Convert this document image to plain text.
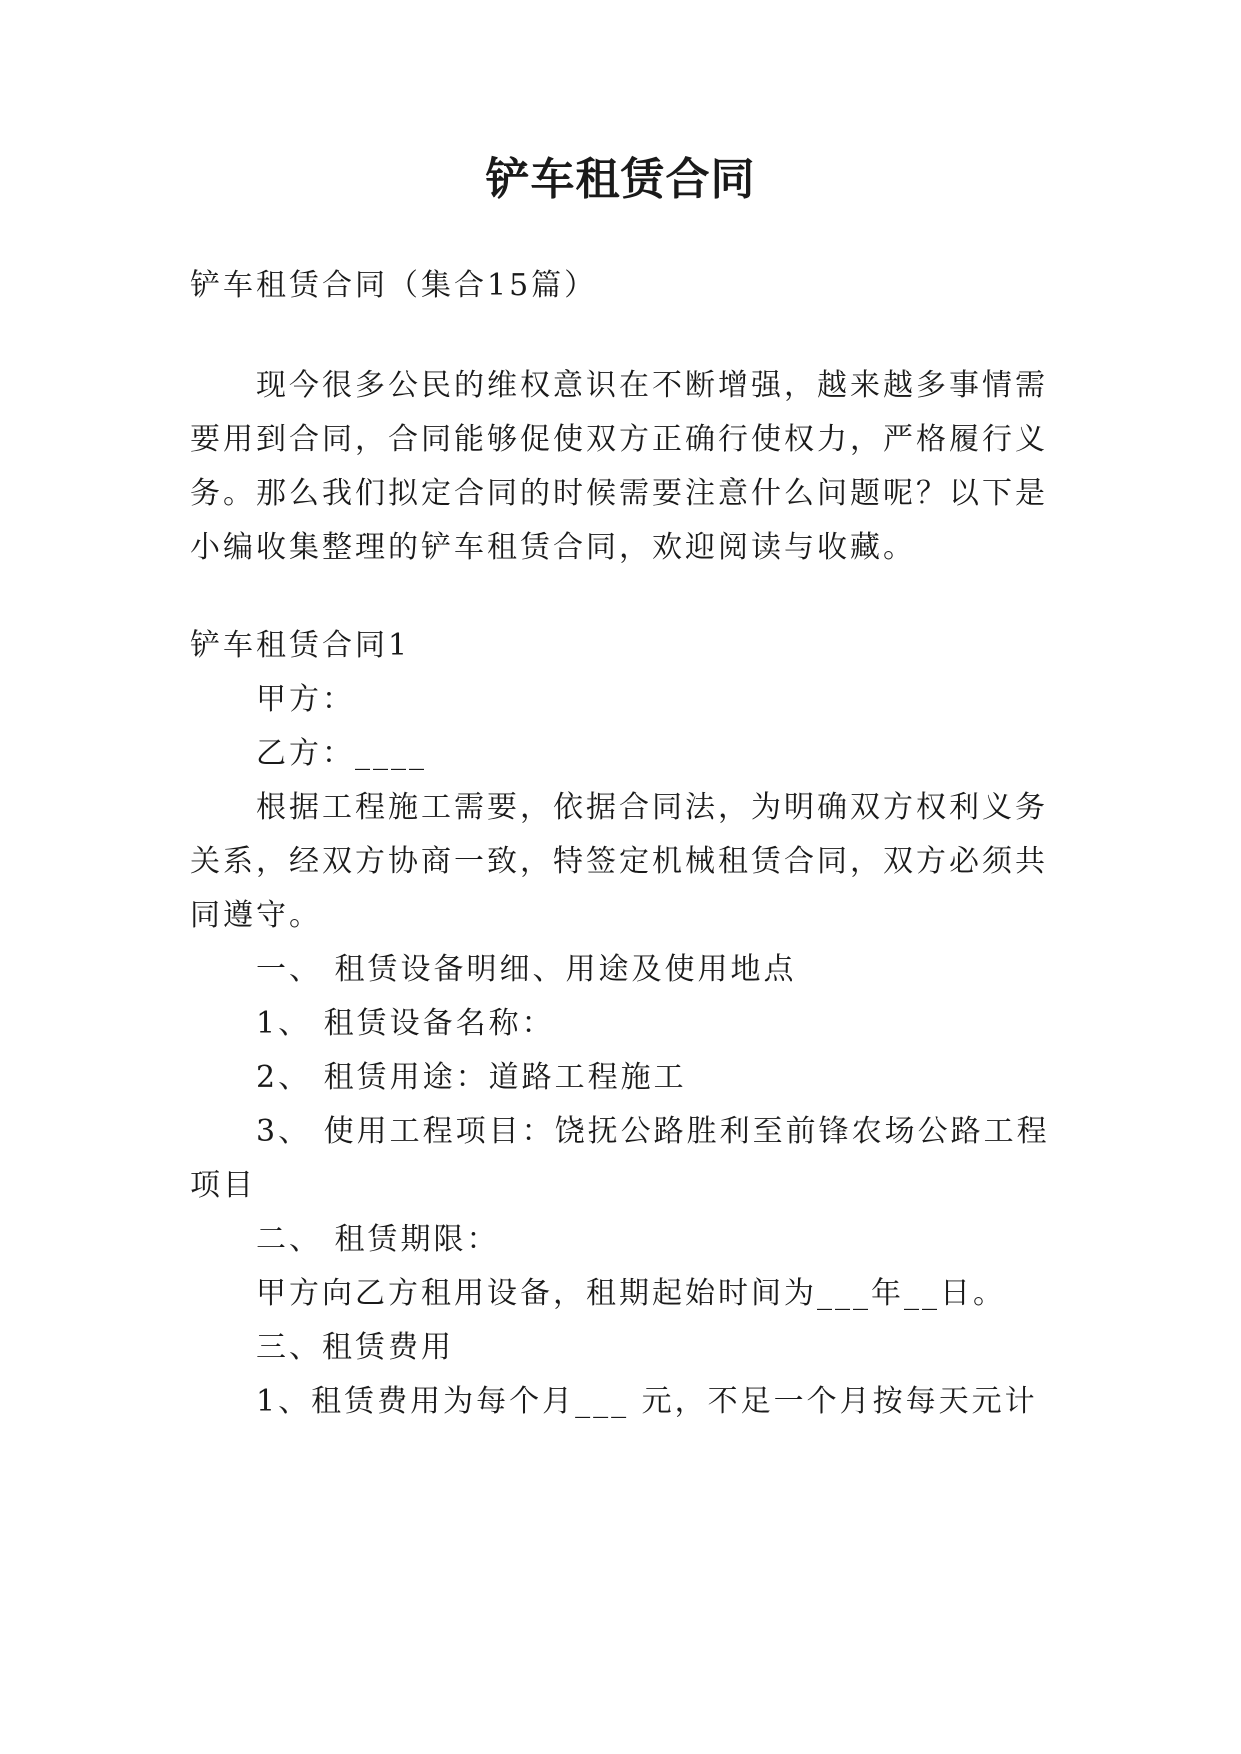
铲车租赁合同
铲车租赁合同（集合15篇）
现今很多公民的维权意识在不断增强，越来越多事情需
要用到合同，合同能够促使双方正确行使权力，严格履行义
务。那么我们拟定合同的时候需要注意什么问题呢？以下是
小编收集整理的铲车租赁合同，欢迎阅读与收藏。
铲车租赁合同1
甲方：
乙方：____
根据工程施工需要，依据合同法，为明确双方权利义务
关系，经双方协商一致，特签定机械租赁合同，双方必须共
同遵守。
一、 租赁设备明细、用途及使用地点
1、 租赁设备名称：
2、 租赁用途：道路工程施工
3、 使用工程项目：饶抚公路胜利至前锋农场公路工程
项目
二、 租赁期限：
甲方向乙方租用设备，租期起始时间为___年__日。
三、租赁费用
1、租赁费用为每个月___ 元，不足一个月按每天元计
